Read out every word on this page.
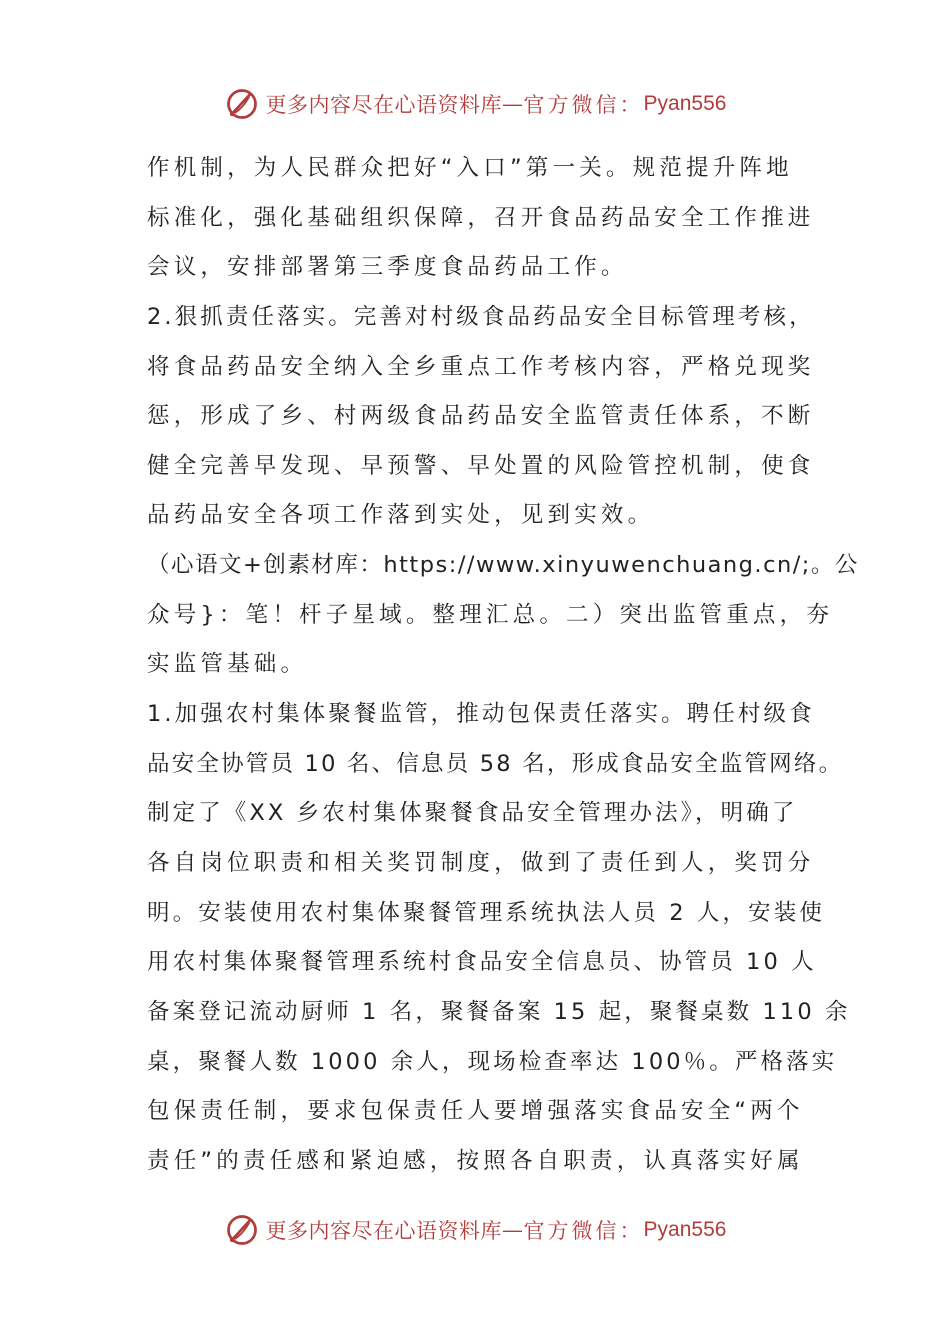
更多内容尽在心语资料库 — 官方微信： Pyan556
作机制，为人民群众把好“入口”第一关。规范提升阵地
标准化，强化基础组织保障，召开食品药品安全工作推进
会议，安排部署第三季度食品药品工作。
2.狠抓责任落实。完善对村级食品药品安全目标管理考核，
将食品药品安全纳入全乡重点工作考核内容，严格兑现奖
惩，形成了乡、村两级食品药品安全监管责任体系，不断
健全完善早发现、早预警、早处置的风险管控机制，使食
品药品安全各项工作落到实处，见到实效。
（心语文+创素材库：https://www.xinyuwenchuang.cn/;。公
众号}：笔！杆子星域。整理汇总。二）突出监管重点，夯
实监管基础。
1.加强农村集体聚餐监管，推动包保责任落实。聘任村级食
品安全协管员 10 名、信息员 58 名，形成食品安全监管网络。
制定了《XX 乡农村集体聚餐食品安全管理办法》，明确了
各自岗位职责和相关奖罚制度，做到了责任到人，奖罚分
明。安装使用农村集体聚餐管理系统执法人员 2 人，安装使
用农村集体聚餐管理系统村食品安全信息员、协管员 10 人
备案登记流动厨师 1 名，聚餐备案 15 起，聚餐桌数 110 余
桌，聚餐人数 1000 余人，现场检查率达 100％。严格落实
包保责任制，要求包保责任人要增强落实食品安全“两个
责任”的责任感和紧迫感，按照各自职责，认真落实好属
更多内容尽在心语资料库 — 官方微信： Pyan556
